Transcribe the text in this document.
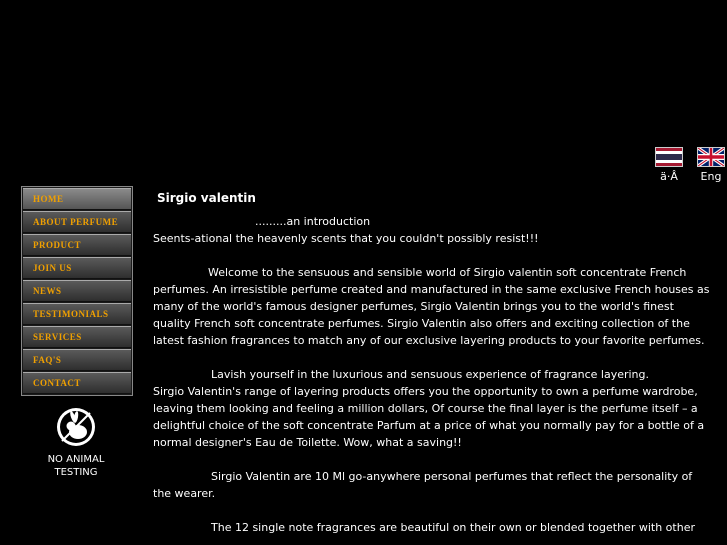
ä·Â	Eng
HOME
ABOUT PERFUME
PRODUCT
JOIN US
NEWS
TESTIMONIALS
SERVICES
FAQ'S
CONTACT
NO ANIMAL
TESTING
Sirgio valentin

.........an introduction

Seents-ational the heavenly scents that you couldn't possibly resist!!!

Welcome to the sensuous and sensible world of Sirgio valentin soft concentrate French perfumes. An irresistible perfume created and manufactured in the same exclusive French houses as many of the world's famous designer perfumes, Sirgio Valentin brings you to the world's finest quality French soft concentrate perfumes. Sirgio Valentin also offers and exciting collection of the latest fashion fragrances to match any of our exclusive layering products to your favorite perfumes.

Lavish yourself in the luxurious and sensuous experience of fragrance layering.

Sirgio Valentin's range of layering products offers you the opportunity to own a perfume wardrobe, leaving them looking and feeling a million dollars, Of course the final layer is the perfume itself – a delightful choice of the soft concentrate Parfum at a price of what you normally pay for a bottle of a normal designer's Eau de Toilette. Wow, what a saving!!

Sirgio Valentin are 10 Ml go-anywhere personal perfumes that reflect the personality of the wearer.

The 12 single note fragrances are beautiful on their own or blended together with other
